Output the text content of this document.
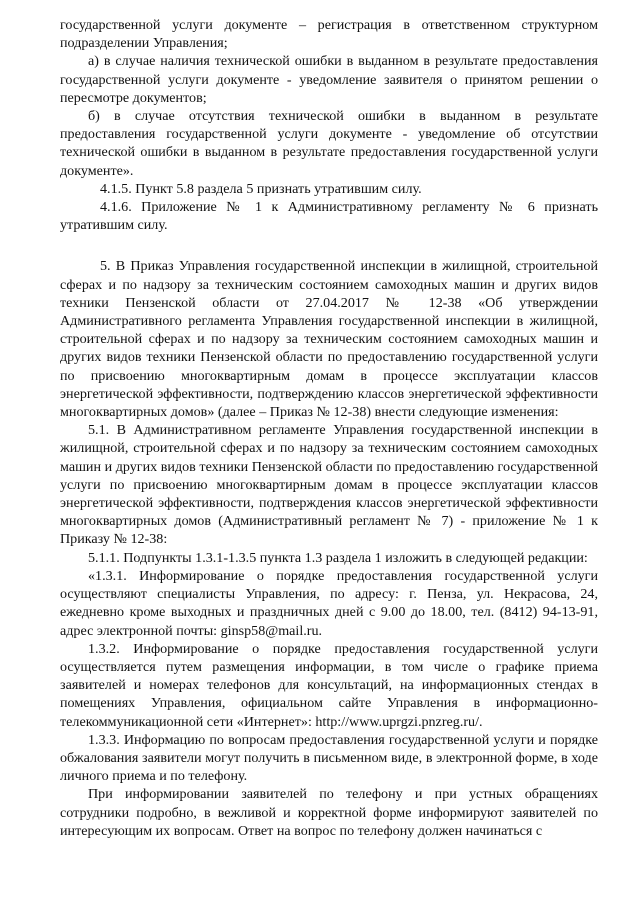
государственной услуги документе – регистрация в ответственном структурном подразделении Управления;

а) в случае наличия технической ошибки в выданном в результате предоставления государственной услуги документе - уведомление заявителя о принятом решении о пересмотре документов;

б) в случае отсутствия технической ошибки в выданном в результате предоставления государственной услуги документе - уведомление об отсутствии технической ошибки в выданном в результате предоставления государственной услуги документе».

4.1.5. Пункт 5.8 раздела 5 признать утратившим силу.

4.1.6. Приложение № 1 к Административному регламенту № 6 признать утратившим силу.

5. В Приказ Управления государственной инспекции в жилищной, строительной сферах и по надзору за техническим состоянием самоходных машин и других видов техники Пензенской области от 27.04.2017 № 12-38 «Об утверждении Административного регламента Управления государственной инспекции в жилищной, строительной сферах и по надзору за техническим состоянием самоходных машин и других видов техники Пензенской области по предоставлению государственной услуги по присвоению многоквартирным домам в процессе эксплуатации классов энергетической эффективности, подтверждению классов энергетической эффективности многоквартирных домов» (далее – Приказ № 12-38) внести следующие изменения:

5.1. В Административном регламенте Управления государственной инспекции в жилищной, строительной сферах и по надзору за техническим состоянием самоходных машин и других видов техники Пензенской области по предоставлению государственной услуги по присвоению многоквартирным домам в процессе эксплуатации классов энергетической эффективности, подтверждения классов энергетической эффективности многоквартирных домов (Административный регламент № 7) - приложение № 1 к Приказу № 12-38:

5.1.1. Подпункты 1.3.1-1.3.5 пункта 1.3 раздела 1 изложить в следующей редакции:

«1.3.1. Информирование о порядке предоставления государственной услуги осуществляют специалисты Управления, по адресу: г. Пенза, ул. Некрасова, 24, ежедневно кроме выходных и праздничных дней с 9.00 до 18.00, тел. (8412) 94-13-91, адрес электронной почты: ginsp58@mail.ru.

1.3.2. Информирование о порядке предоставления государственной услуги осуществляется путем размещения информации, в том числе о графике приема заявителей и номерах телефонов для консультаций, на информационных стендах в помещениях Управления, официальном сайте Управления в информационно-телекоммуникационной сети «Интернет»: http://www.uprgzi.pnzreg.ru/.

1.3.3. Информацию по вопросам предоставления государственной услуги и порядке обжалования заявители могут получить в письменном виде, в электронной форме, в ходе личного приема и по телефону.

При информировании заявителей по телефону и при устных обращениях сотрудники подробно, в вежливой и корректной форме информируют заявителей по интересующим их вопросам. Ответ на вопрос по телефону должен начинаться с
